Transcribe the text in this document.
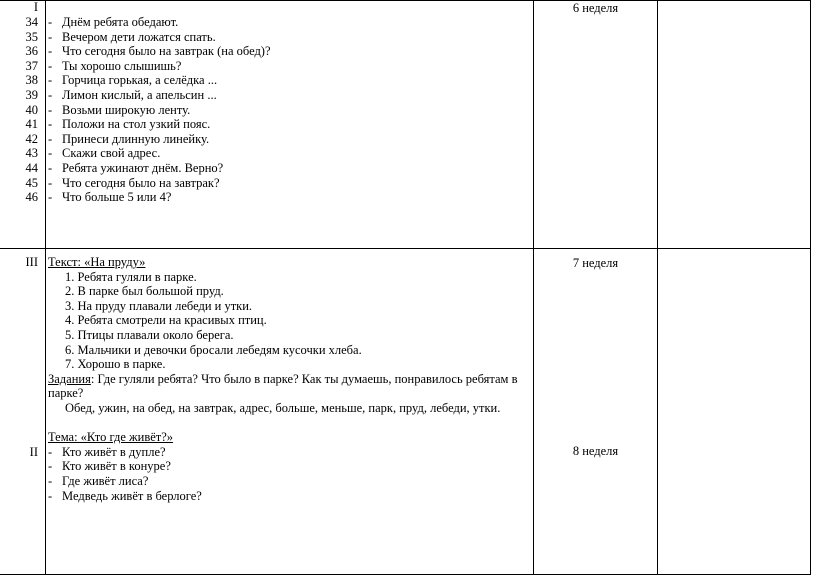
I
34
35
36
37
38
39
40
41
42
43
44
45
46
- Днём ребята обедают.
- Вечером дети ложатся спать.
- Что сегодня было на завтрак (на обед)?
- Ты хорошо слышишь?
- Горчица горькая, а селёдка ...
- Лимон кислый, а апельсин ...
- Возьми широкую ленту.
- Положи на стол узкий пояс.
- Принеси длинную линейку.
- Скажи свой адрес.
- Ребята ужинают днём. Верно?
- Что сегодня было на завтрак?
- Что больше 5 или 4?
6 неделя
III Текст: «На пруду»
1. Ребята гуляли в парке.
2. В парке был большой пруд.
3. На пруду плавали лебеди и утки.
4. Ребята смотрели на красивых птиц.
5. Птицы плавали около берега.
6. Мальчики и девочки бросали лебедям кусочки хлеба.
7. Хорошо в парке.
Задания: Где гуляли ребята? Что было в парке? Как ты думаешь, понравилось ребятам в
парке?
Обед, ужин, на обед, на завтрак, адрес, больше, меньше, парк, пруд, лебеди, утки.
7 неделя
II
Тема: «Кто где живёт?»
- Кто живёт в дупле?
- Кто живёт в конуре?
- Где живёт лиса?
- Медведь живёт в берлоге?
8 неделя
